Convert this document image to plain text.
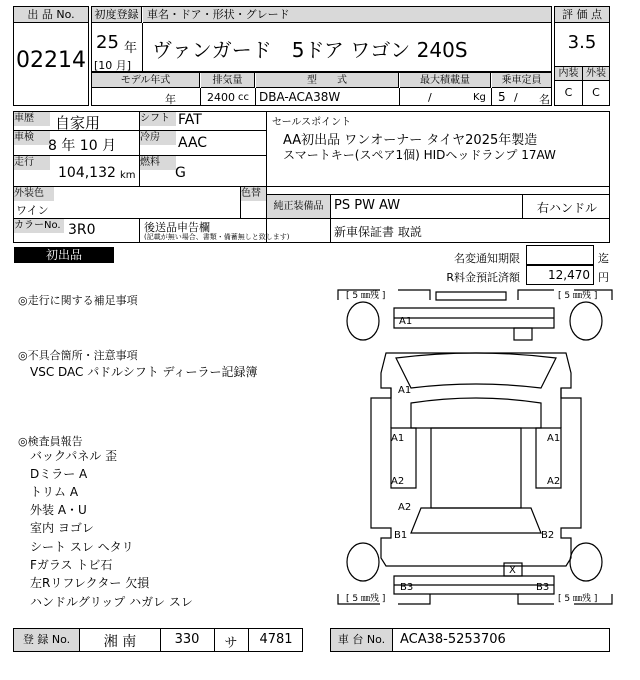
出 品 No.
02214
初度登録 車名・ドア・形状・グレード
25 年
[10 月]
ヴァンガード　5ドア ワゴン 240S
評 価 点
3.5
内装 外装
C	C
モデル年式	排気量	型　　式	最大積載量	乗車定員
年	2400 cc DBA-ACA38W	/	Kg 5 / 名
車歴	自家用	シフト FAT
車検
8 年 10 月
冷房	AAC
走行
104,132 km
燃料
G
セールスポイント
AA初出品 ワンオーナー タイヤ2025年製造
スマートキー(スペア1個) HIDヘッドランプ 17AW
外装色
ワイン
色替
純正装備品 PS PW AW	右ハンドル
カラーNo. 3R0	後送品申告欄
(記載が無い場合、書類・備蓄無しと致します)	新車保証書 取説
初出品	名変通知期限	迄
R料金預託済額	12,470 円
◎走行に関する補足事項
◎不具合箇所・注意事項
VSC DAC パドルシフト ディーラー記録簿
◎検査員報告
バックパネル 歪
Dミラー A
トリム A
外装 A・U
室内 ヨゴレ
シート スレ ヘタリ
Fガラス トビ石
左Rリフレクター 欠損
ハンドルグリップ ハガレ スレ
[ 5 ㎜残 ]	[ 5 ㎜残 ]
[ 5 ㎜残 ]	[ 5 ㎜残 ]
A1
A1
A1	A1
A2	A2
A2
B1	B2
B3	B3
X
登 録 No.	湘 南	330	サ	4781	車 台 No.	ACA38-5253706
